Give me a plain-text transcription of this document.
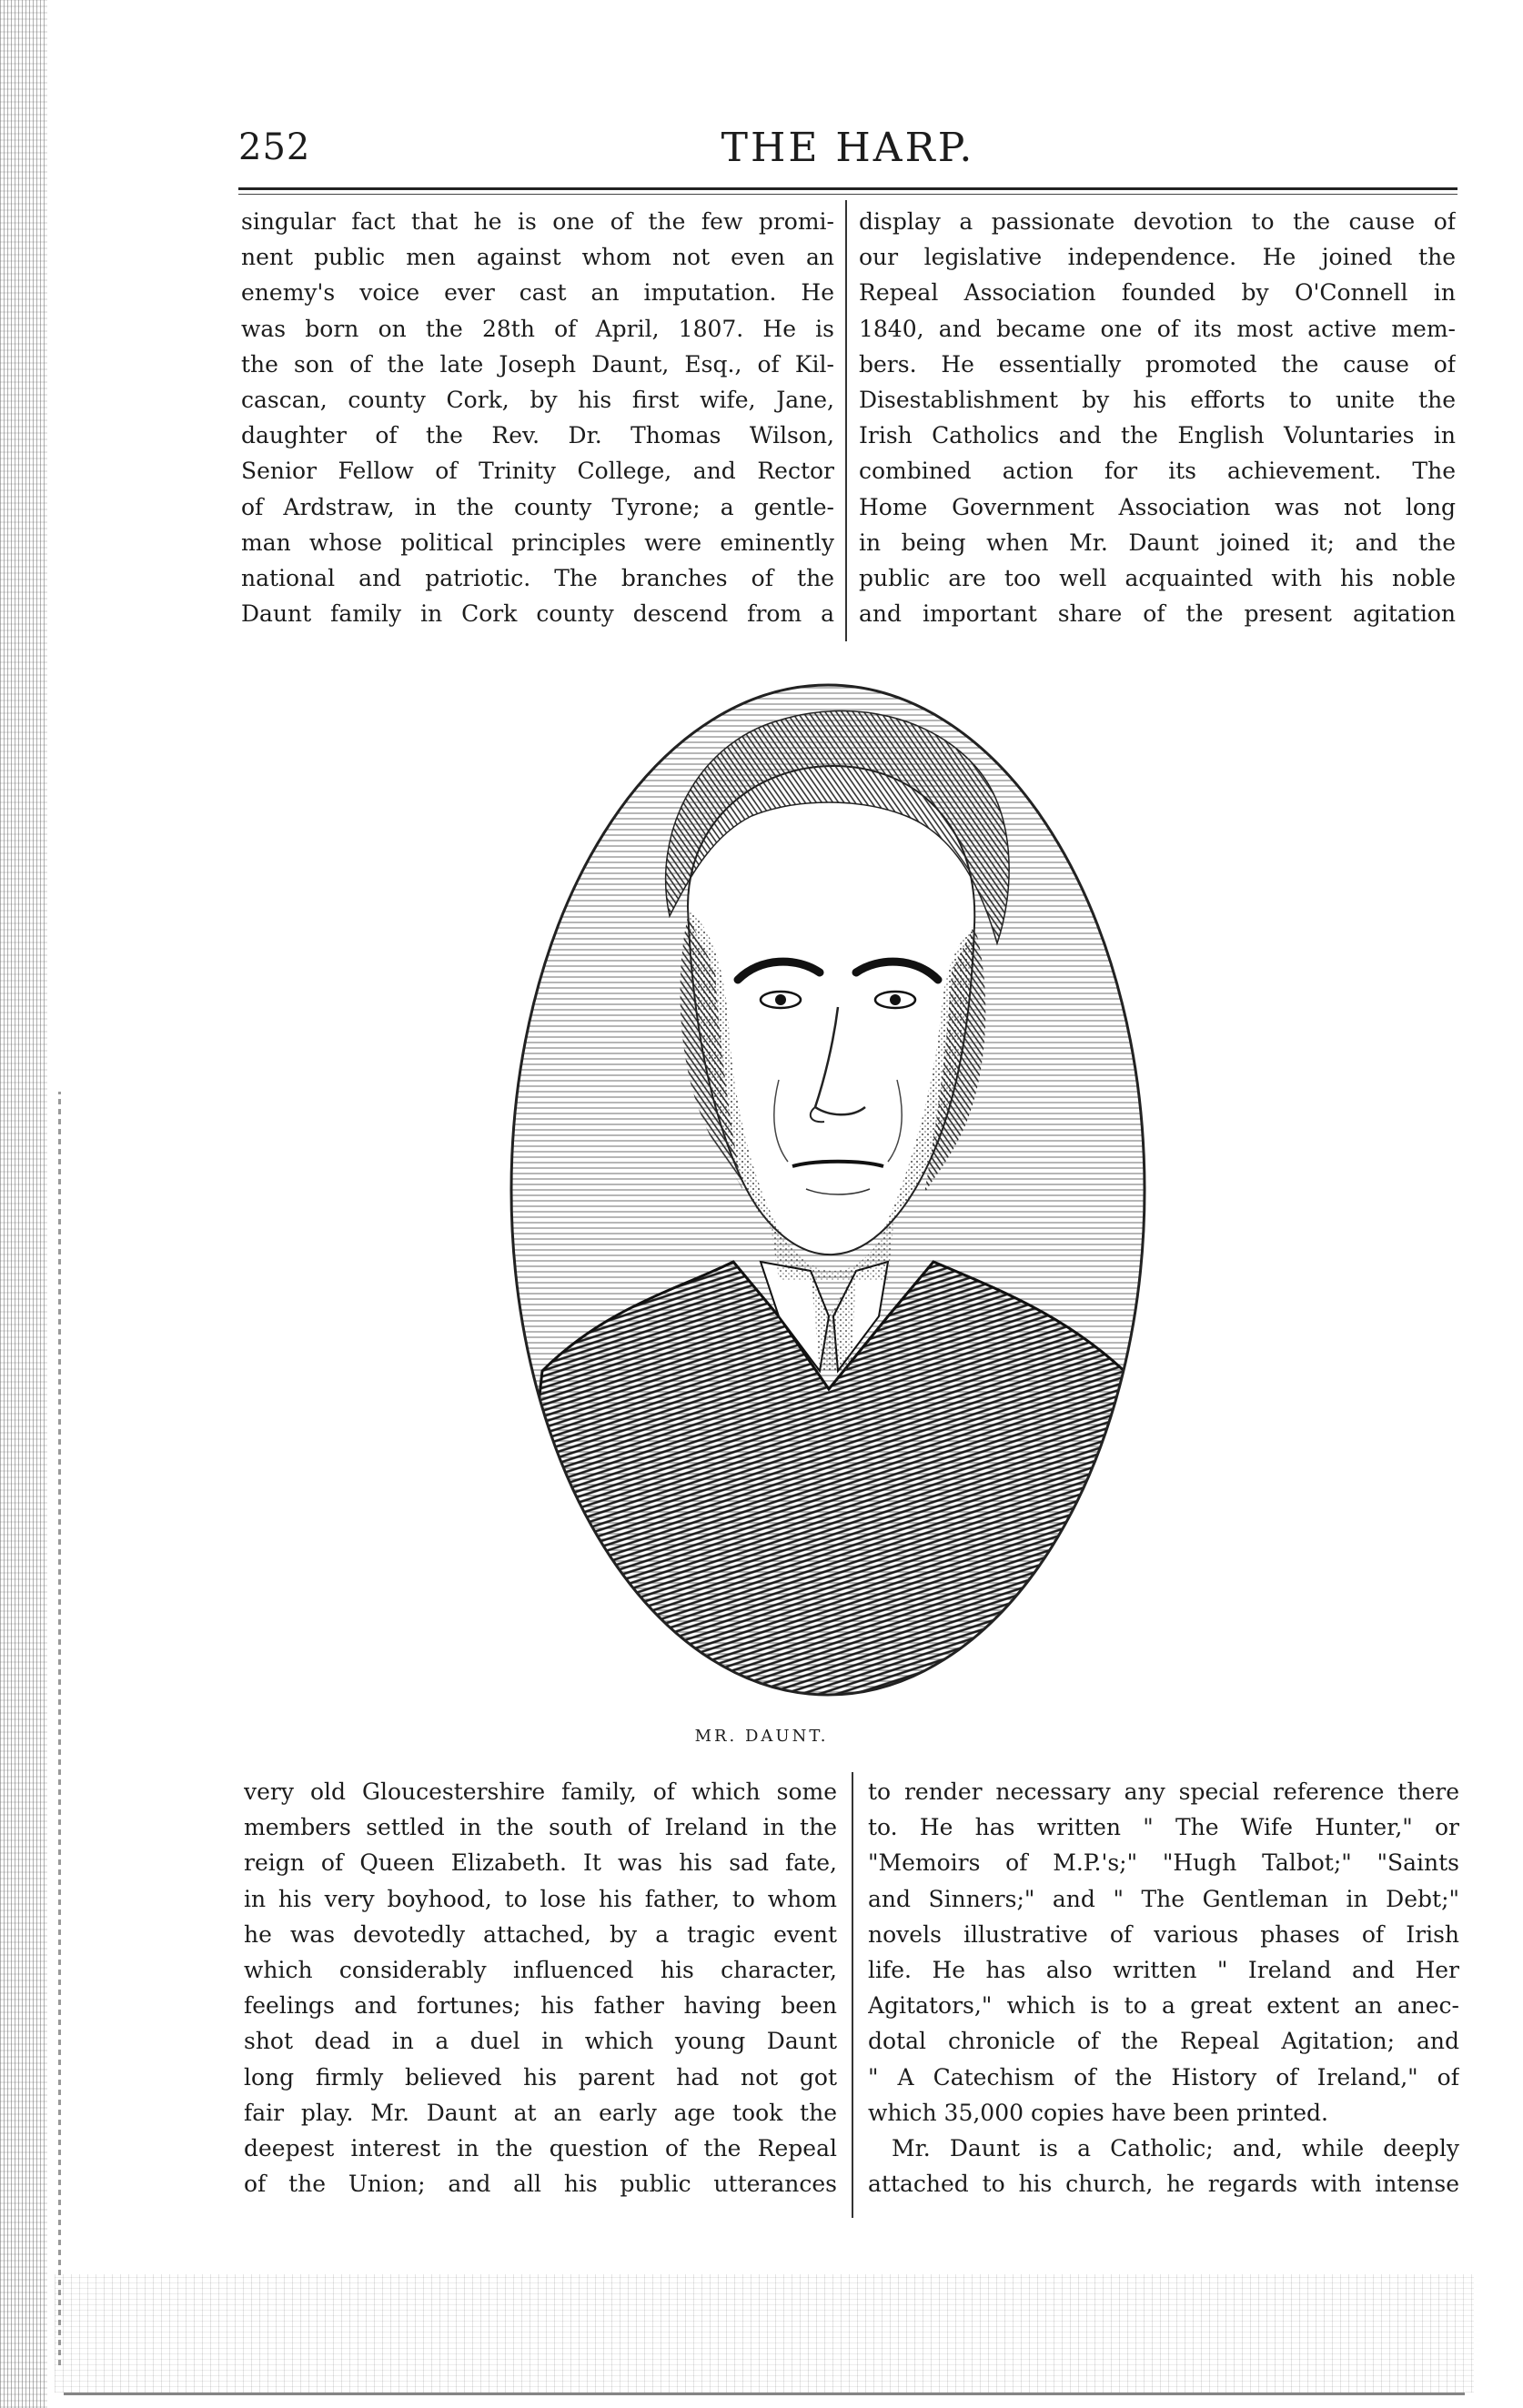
252	THE HARP.
singular fact that he is one of the few promi-
nent public men against whom not even an
enemy's voice ever cast an imputation. He
was born on the 28th of April, 1807. He is
the son of the late Joseph Daunt, Esq., of Kil-
cascan, county Cork, by his first wife, Jane,
daughter of the Rev. Dr. Thomas Wilson,
Senior Fellow of Trinity College, and Rector
of Ardstraw, in the county Tyrone; a gentle-
man whose political principles were eminently
national and patriotic. The branches of the
Daunt family in Cork county descend from a
display a passionate devotion to the cause of
our legislative independence. He joined the
Repeal Association founded by O'Connell in
1840, and became one of its most active mem-
bers. He essentially promoted the cause of
Disestablishment by his efforts to unite the
Irish Catholics and the English Voluntaries in
combined action for its achievement. The
Home Government Association was not long
in being when Mr. Daunt joined it; and the
public are too well acquainted with his noble
and important share of the present agitation
MR. DAUNT.
very old Gloucestershire family, of which some
members settled in the south of Ireland in the
reign of Queen Elizabeth. It was his sad fate,
in his very boyhood, to lose his father, to whom
he was devotedly attached, by a tragic event
which considerably influenced his character,
feelings and fortunes; his father having been
shot dead in a duel in which young Daunt
long firmly believed his parent had not got
fair play. Mr. Daunt at an early age took the
deepest interest in the question of the Repeal
of the Union; and all his public utterances
to render necessary any special reference there
to. He has written " The Wife Hunter," or
"Memoirs of M.P.'s;" "Hugh Talbot;" "Saints
and Sinners;" and " The Gentleman in Debt;"
novels illustrative of various phases of Irish
life. He has also written " Ireland and Her
Agitators," which is to a great extent an anec-
dotal chronicle of the Repeal Agitation; and
" A Catechism of the History of Ireland," of
which 35,000 copies have been printed.
Mr. Daunt is a Catholic; and, while deeply
attached to his church, he regards with intense
